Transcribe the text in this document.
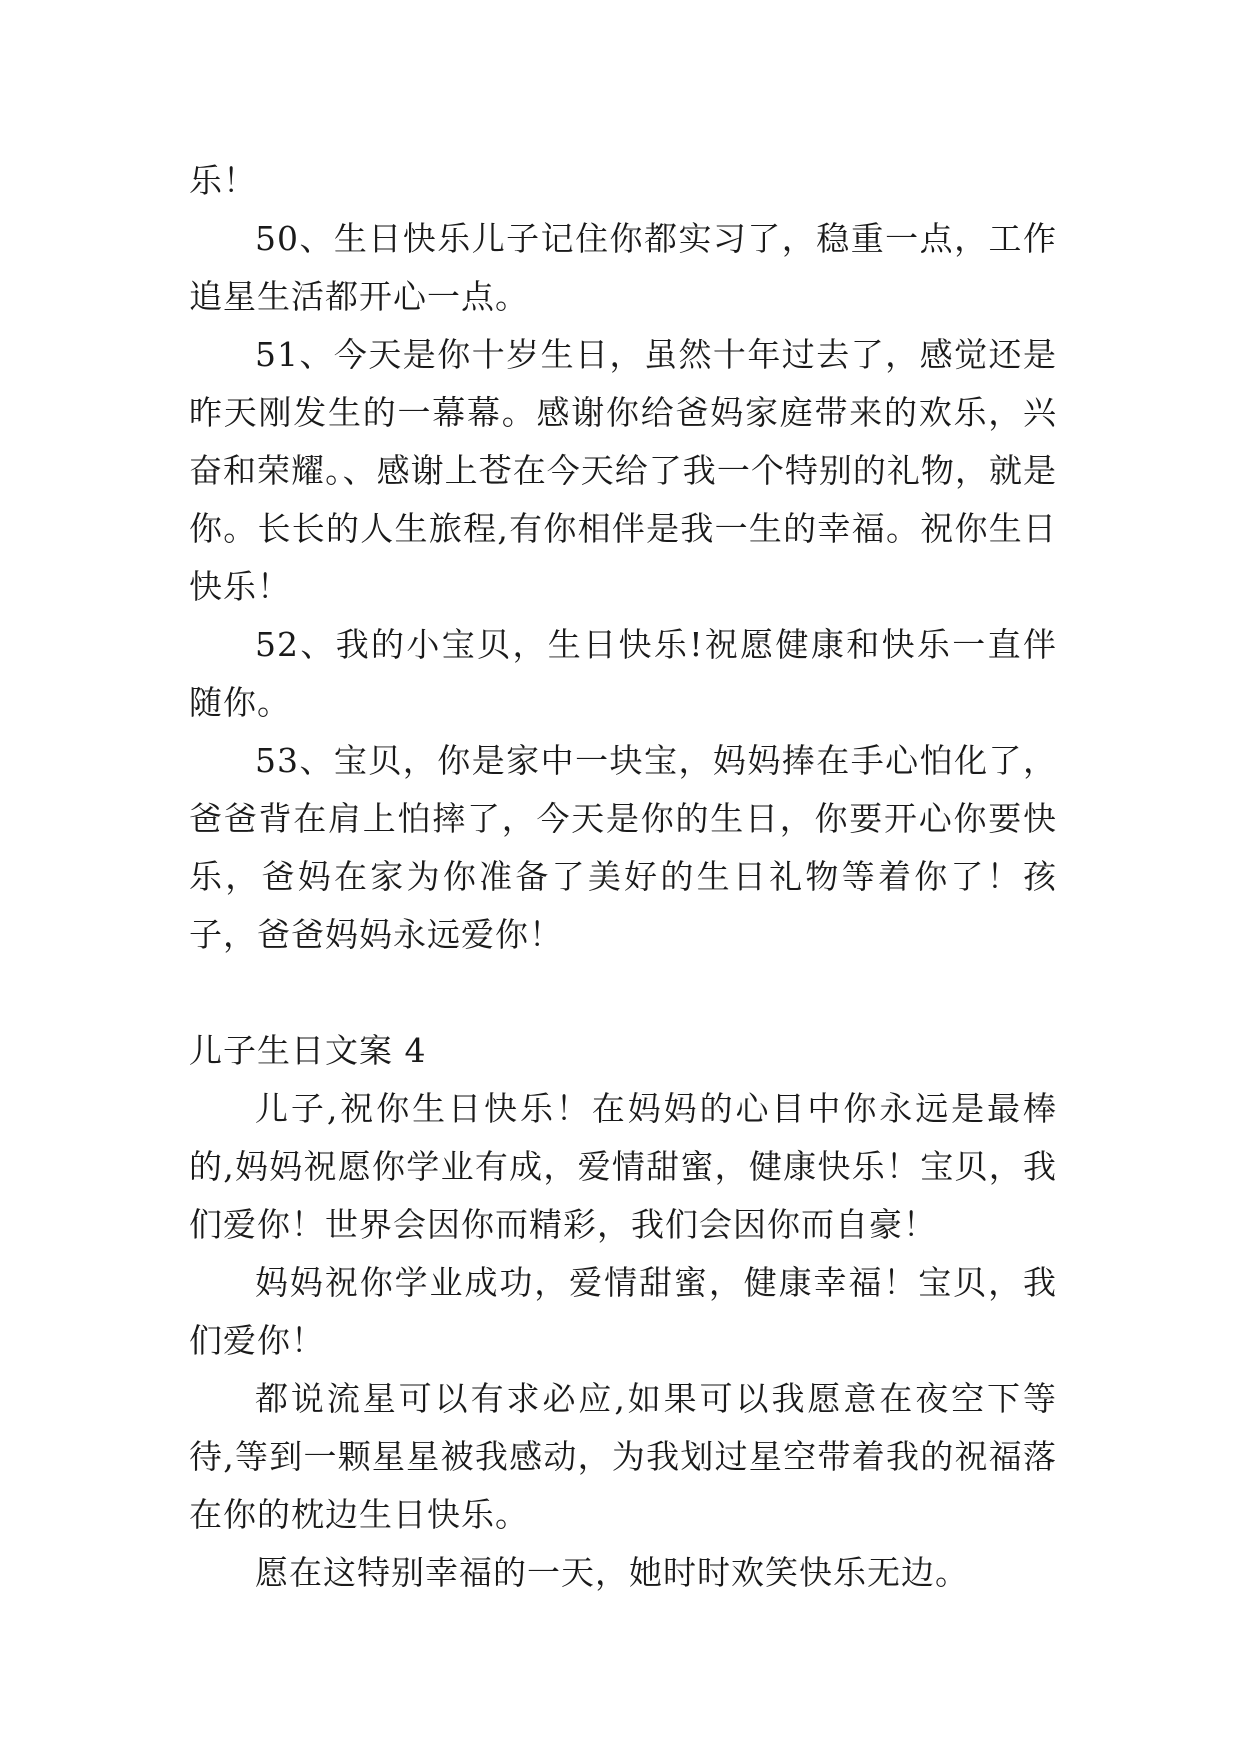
乐！

50、生日快乐儿子记住你都实习了，稳重一点，工作追星生活都开心一点。

51、今天是你十岁生日，虽然十年过去了，感觉还是昨天刚发生的一幕幕。感谢你给爸妈家庭带来的欢乐，兴奋和荣耀。、感谢上苍在今天给了我一个特别的礼物，就是你。长长的人生旅程,有你相伴是我一生的幸福。祝你生日快乐！

52、我的小宝贝，生日快乐!祝愿健康和快乐一直伴随你。

53、宝贝，你是家中一块宝，妈妈捧在手心怕化了，爸爸背在肩上怕摔了，今天是你的生日，你要开心你要快乐，爸妈在家为你准备了美好的生日礼物等着你了！孩子，爸爸妈妈永远爱你！

儿子生日文案 4

儿子,祝你生日快乐！在妈妈的心目中你永远是最棒的,妈妈祝愿你学业有成，爱情甜蜜，健康快乐！宝贝，我们爱你！世界会因你而精彩，我们会因你而自豪！

妈妈祝你学业成功，爱情甜蜜，健康幸福！宝贝，我们爱你！

都说流星可以有求必应,如果可以我愿意在夜空下等待,等到一颗星星被我感动，为我划过星空带着我的祝福落在你的枕边生日快乐。

愿在这特别幸福的一天，她时时欢笑快乐无边。
